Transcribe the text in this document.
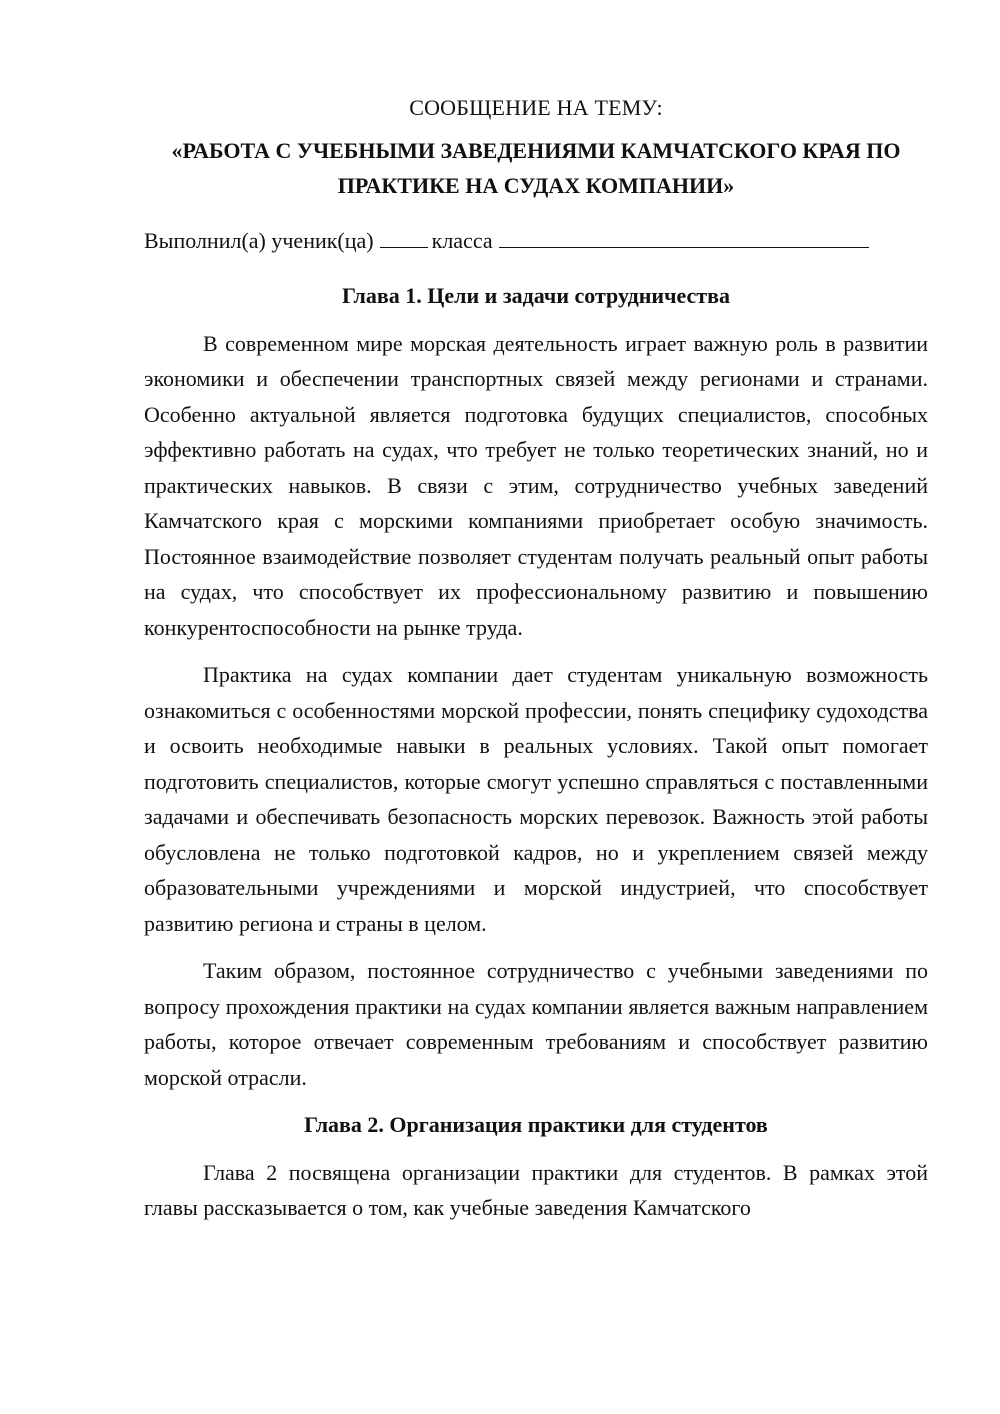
СООБЩЕНИЕ НА ТЕМУ:

«РАБОТА С УЧЕБНЫМИ ЗАВЕДЕНИЯМИ КАМЧАТСКОГО КРАЯ ПО ПРАКТИКЕ НА СУДАХ КОМПАНИИ»

Выполнил(а) ученик(ца)	класса

Глава 1. Цели и задачи сотрудничества

В современном мире морская деятельность играет важную роль в развитии экономики и обеспечении транспортных связей между регионами и странами. Особенно актуальной является подготовка будущих специалистов, способных эффективно работать на судах, что требует не только теоретических знаний, но и практических навыков. В связи с этим, сотрудничество учебных заведений Камчатского края с морскими компаниями приобретает особую значимость. Постоянное взаимодействие позволяет студентам получать реальный опыт работы на судах, что способствует их профессиональному развитию и повышению конкурентоспособности на рынке труда.

Практика на судах компании дает студентам уникальную возможность ознакомиться с особенностями морской профессии, понять специфику судоходства и освоить необходимые навыки в реальных условиях. Такой опыт помогает подготовить специалистов, которые смогут успешно справляться с поставленными задачами и обеспечивать безопасность морских перевозок. Важность этой работы обусловлена не только подготовкой кадров, но и укреплением связей между образовательными учреждениями и морской индустрией, что способствует развитию региона и страны в целом.

Таким образом, постоянное сотрудничество с учебными заведениями по вопросу прохождения практики на судах компании является важным направлением работы, которое отвечает современным требованиям и способствует развитию морской отрасли.

Глава 2. Организация практики для студентов

Глава 2 посвящена организации практики для студентов. В рамках этой главы рассказывается о том, как учебные заведения Камчатского
